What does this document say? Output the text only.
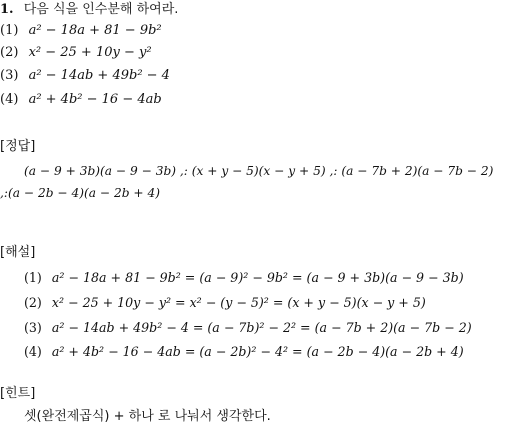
1. 다음 식을 인수분해 하여라.
(1) a² − 18a + 81 − 9b²
(2) x² − 25 + 10y − y²
(3) a² − 14ab + 49b² − 4
(4) a² + 4b² − 16 − 4ab
[정답]
(a − 9 + 3b)(a − 9 − 3b) ,: (x + y − 5)(x − y + 5) ,: (a − 7b + 2)(a − 7b − 2)
,:(a − 2b − 4)(a − 2b + 4)
[해설]
(1) a² − 18a + 81 − 9b² = (a − 9)² − 9b² = (a − 9 + 3b)(a − 9 − 3b)
(2) x² − 25 + 10y − y² = x² − (y − 5)² = (x + y − 5)(x − y + 5)
(3) a² − 14ab + 49b² − 4 = (a − 7b)² − 2² = (a − 7b + 2)(a − 7b − 2)
(4) a² + 4b² − 16 − 4ab = (a − 2b)² − 4² = (a − 2b − 4)(a − 2b + 4)
[힌트]
셋(완전제곱식) + 하나 로 나눠서 생각한다.
